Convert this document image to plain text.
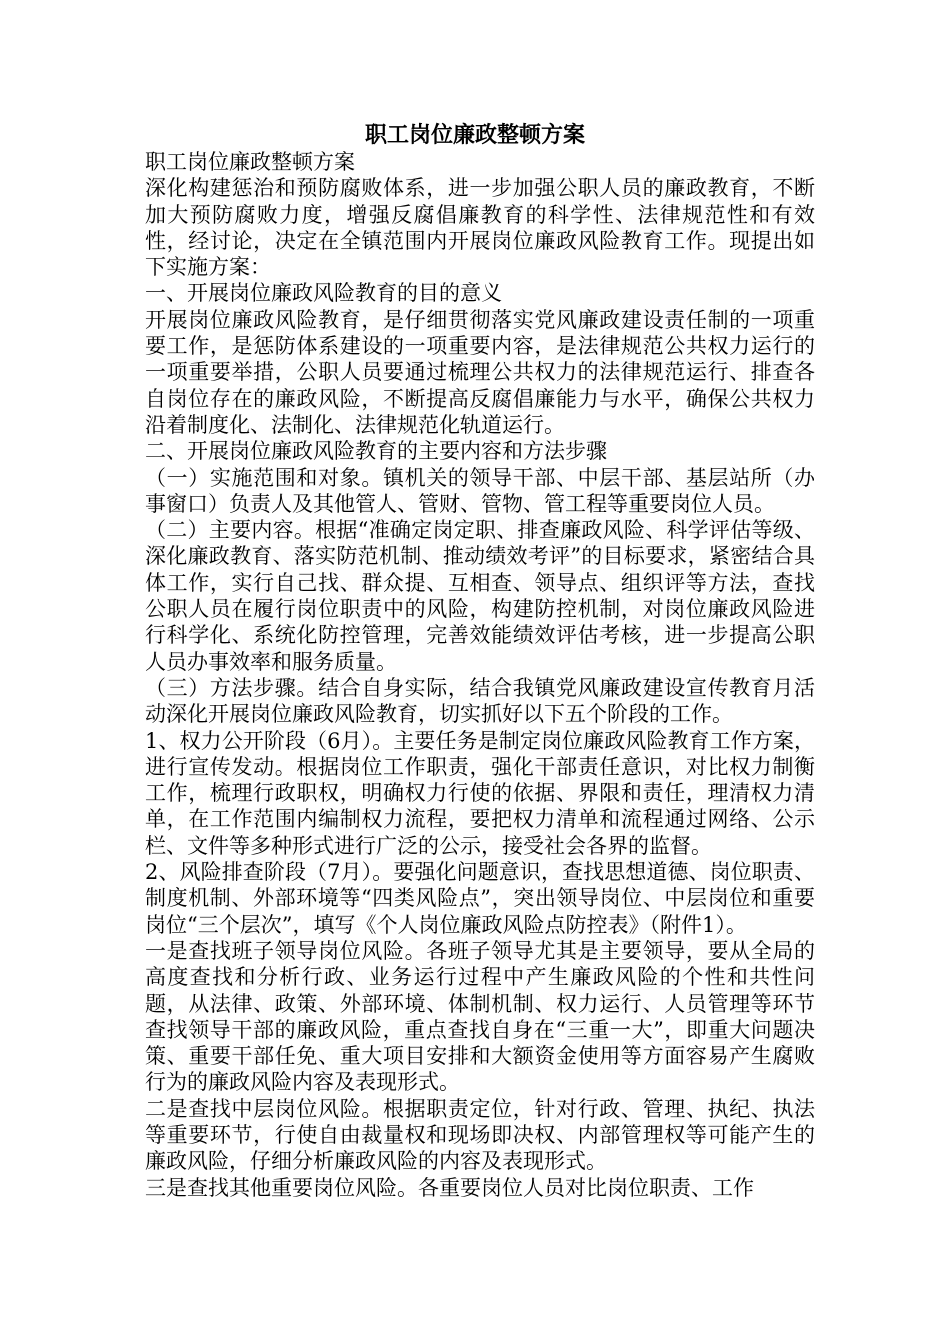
职工岗位廉政整顿方案

职工岗位廉政整顿方案

深化构建惩治和预防腐败体系，进一步加强公职人员的廉政教育，不断加大预防腐败力度，增强反腐倡廉教育的科学性、法律规范性和有效性，经讨论，决定在全镇范围内开展岗位廉政风险教育工作。现提出如下实施方案：

一、开展岗位廉政风险教育的目的意义

开展岗位廉政风险教育，是仔细贯彻落实党风廉政建设责任制的一项重要工作，是惩防体系建设的一项重要内容，是法律规范公共权力运行的一项重要举措，公职人员要通过梳理公共权力的法律规范运行、排查各自岗位存在的廉政风险，不断提高反腐倡廉能力与水平，确保公共权力沿着制度化、法制化、法律规范化轨道运行。

二、开展岗位廉政风险教育的主要内容和方法步骤

（一）实施范围和对象。镇机关的领导干部、中层干部、基层站所（办事窗口）负责人及其他管人、管财、管物、管工程等重要岗位人员。

（二）主要内容。根据“准确定岗定职、排查廉政风险、科学评估等级、深化廉政教育、落实防范机制、推动绩效考评”的目标要求，紧密结合具体工作，实行自己找、群众提、互相查、领导点、组织评等方法，查找公职人员在履行岗位职责中的风险，构建防控机制，对岗位廉政风险进行科学化、系统化防控管理，完善效能绩效评估考核，进一步提高公职人员办事效率和服务质量。

（三）方法步骤。结合自身实际，结合我镇党风廉政建设宣传教育月活动深化开展岗位廉政风险教育，切实抓好以下五个阶段的工作。

1、权力公开阶段（6月）。主要任务是制定岗位廉政风险教育工作方案，进行宣传发动。根据岗位工作职责，强化干部责任意识，对比权力制衡工作，梳理行政职权，明确权力行使的依据、界限和责任，理清权力清单，在工作范围内编制权力流程，要把权力清单和流程通过网络、公示栏、文件等多种形式进行广泛的公示，接受社会各界的监督。

2、风险排查阶段（7月）。要强化问题意识，查找思想道德、岗位职责、制度机制、外部环境等“四类风险点”，突出领导岗位、中层岗位和重要岗位“三个层次”，填写《个人岗位廉政风险点防控表》（附件1）。

一是查找班子领导岗位风险。各班子领导尤其是主要领导，要从全局的高度查找和分析行政、业务运行过程中产生廉政风险的个性和共性问题，从法律、政策、外部环境、体制机制、权力运行、人员管理等环节查找领导干部的廉政风险，重点查找自身在“三重一大”，即重大问题决策、重要干部任免、重大项目安排和大额资金使用等方面容易产生腐败行为的廉政风险内容及表现形式。

二是查找中层岗位风险。根据职责定位，针对行政、管理、执纪、执法等重要环节，行使自由裁量权和现场即决权、内部管理权等可能产生的廉政风险，仔细分析廉政风险的内容及表现形式。

三是查找其他重要岗位风险。各重要岗位人员对比岗位职责、工作
